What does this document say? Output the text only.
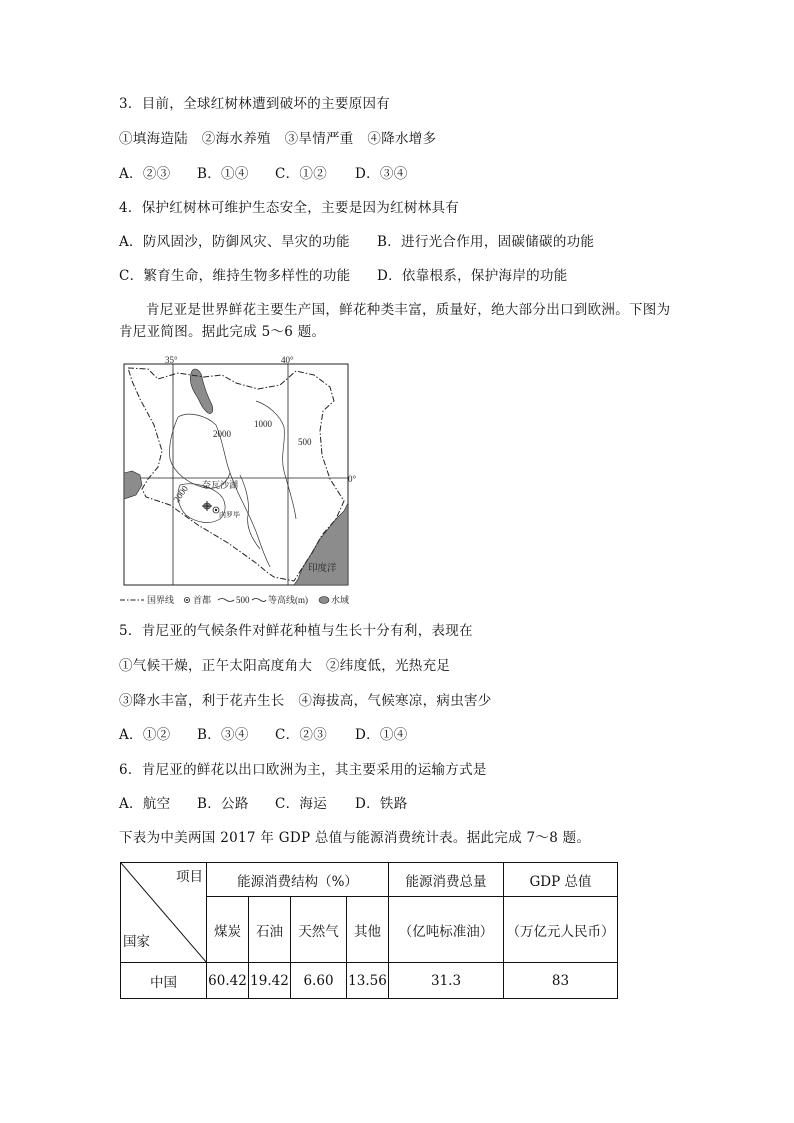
3．目前，全球红树林遭到破坏的主要原因有
①填海造陆　②海水养殖　③旱情严重　④降水增多
A．②③ B．①④ C．①② D．③④
4．保护红树林可维护生态安全，主要是因为红树林具有
A．防风固沙，防御风灾、旱灾的功能 B．进行光合作用，固碳储碳的功能
C．繁育生命，维持生物多样性的功能 D．依靠根系，保护海岸的功能
肯尼亚是世界鲜花主要生产国，鲜花种类丰富，质量好，绝大部分出口到欧洲。下图为
肯尼亚简图。据此完成 5～6 题。
35°	40°
0°
印度洋
2000
1000
500
2000 奈瓦沙湖
内罗毕
国界线 首都	500 等高线(m)	水域
5．肯尼亚的气候条件对鲜花种植与生长十分有利，表现在
①气候干燥，正午太阳高度角大　②纬度低，光热充足
③降水丰富，利于花卉生长　④海拔高，气候寒凉，病虫害少
A．①② B．③④ C．②③ D．①④
6．肯尼亚的鲜花以出口欧洲为主，其主要采用的运输方式是
A．航空 B．公路 C．海运 D．铁路
下表为中美两国 2017 年 GDP 总值与能源消费统计表。据此完成 7～8 题。
项目
国家	能源消费结构（%）				能源消费总量	GDP 总值
	煤炭	石油	天然气	其他	（亿吨标准油）	（万亿元人民币）
中国	60.42	19.42	6.60	13.56	31.3	83
